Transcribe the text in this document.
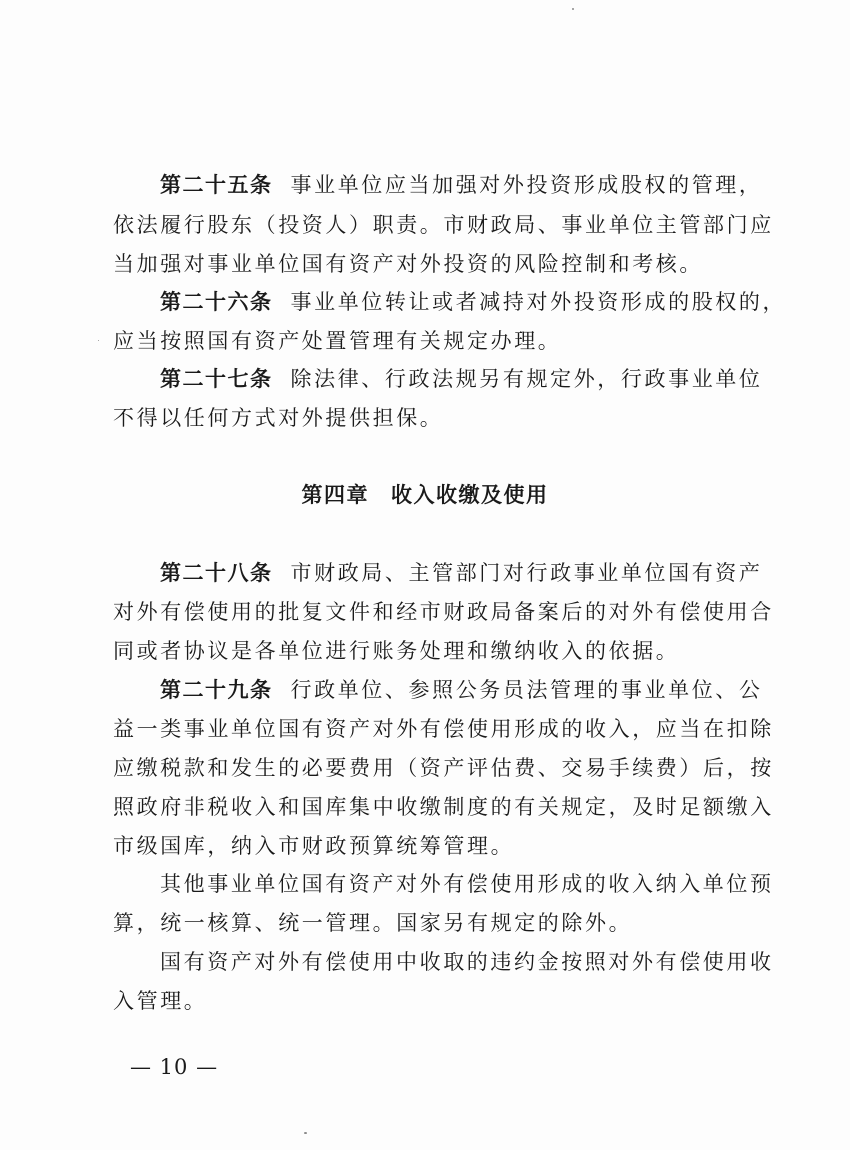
第二十五条 事业单位应当加强对外投资形成股权的管理，
依法履行股东（投资人）职责。市财政局、事业单位主管部门应
当加强对事业单位国有资产对外投资的风险控制和考核。
第二十六条 事业单位转让或者减持对外投资形成的股权的，
应当按照国有资产处置管理有关规定办理。
第二十七条 除法律、行政法规另有规定外，行政事业单位
不得以任何方式对外提供担保。
第四章 收入收缴及使用
第二十八条 市财政局、主管部门对行政事业单位国有资产
对外有偿使用的批复文件和经市财政局备案后的对外有偿使用合
同或者协议是各单位进行账务处理和缴纳收入的依据。
第二十九条 行政单位、参照公务员法管理的事业单位、公
益一类事业单位国有资产对外有偿使用形成的收入，应当在扣除
应缴税款和发生的必要费用（资产评估费、交易手续费）后，按
照政府非税收入和国库集中收缴制度的有关规定，及时足额缴入
市级国库，纳入市财政预算统筹管理。
其他事业单位国有资产对外有偿使用形成的收入纳入单位预
算，统一核算、统一管理。国家另有规定的除外。
国有资产对外有偿使用中收取的违约金按照对外有偿使用收
入管理。
— 10 —
